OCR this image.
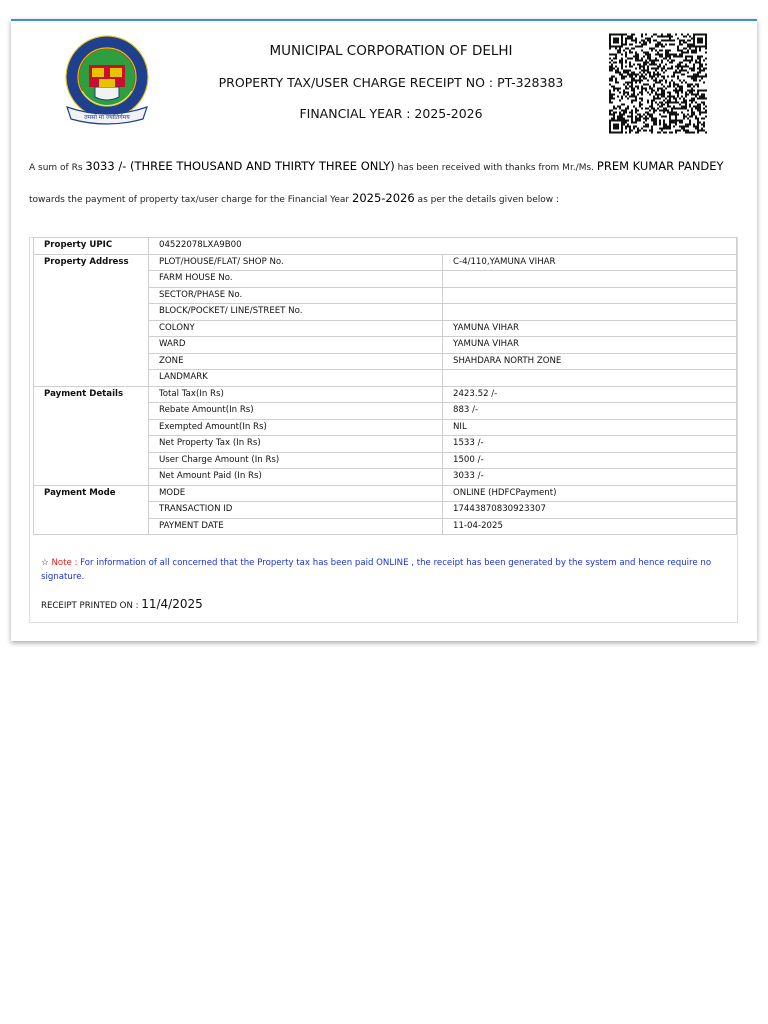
तमसो मा ज्योतिर्गमय
MUNICIPAL CORPORATION OF DELHI
PROPERTY TAX/USER CHARGE RECEIPT NO : PT-328383
FINANCIAL YEAR : 2025-2026
A sum of Rs 3033 /- (THREE THOUSAND AND THIRTY THREE ONLY) has been received with thanks from Mr./Ms. PREM KUMAR PANDEY
towards the payment of property tax/user charge for the Financial Year 2025-2026 as per the details given below :
Property UPIC	04522078LXA9B00	
Property Address	PLOT/HOUSE/FLAT/ SHOP No.	C-4/110,YAMUNA VIHAR
	FARM HOUSE No.	
	SECTOR/PHASE No.	
	BLOCK/POCKET/ LINE/STREET No.	
	COLONY	YAMUNA VIHAR
	WARD	YAMUNA VIHAR
	ZONE	SHAHDARA NORTH ZONE
	LANDMARK	
Payment Details	Total Tax(In Rs)	2423.52 /-
	Rebate Amount(In Rs)	883 /-
	Exempted Amount(In Rs)	NIL
	Net Property Tax (In Rs)	1533 /-
	User Charge Amount (In Rs)	1500 /-
	Net Amount Paid (In Rs)	3033 /-
Payment Mode	MODE	ONLINE (HDFCPayment)
	TRANSACTION ID	17443870830923307
	PAYMENT DATE	11-04-2025
☆ Note : For information of all concerned that the Property tax has been paid ONLINE , the receipt has been generated by the system and hence require no signature.
RECEIPT PRINTED ON : 11/4/2025
